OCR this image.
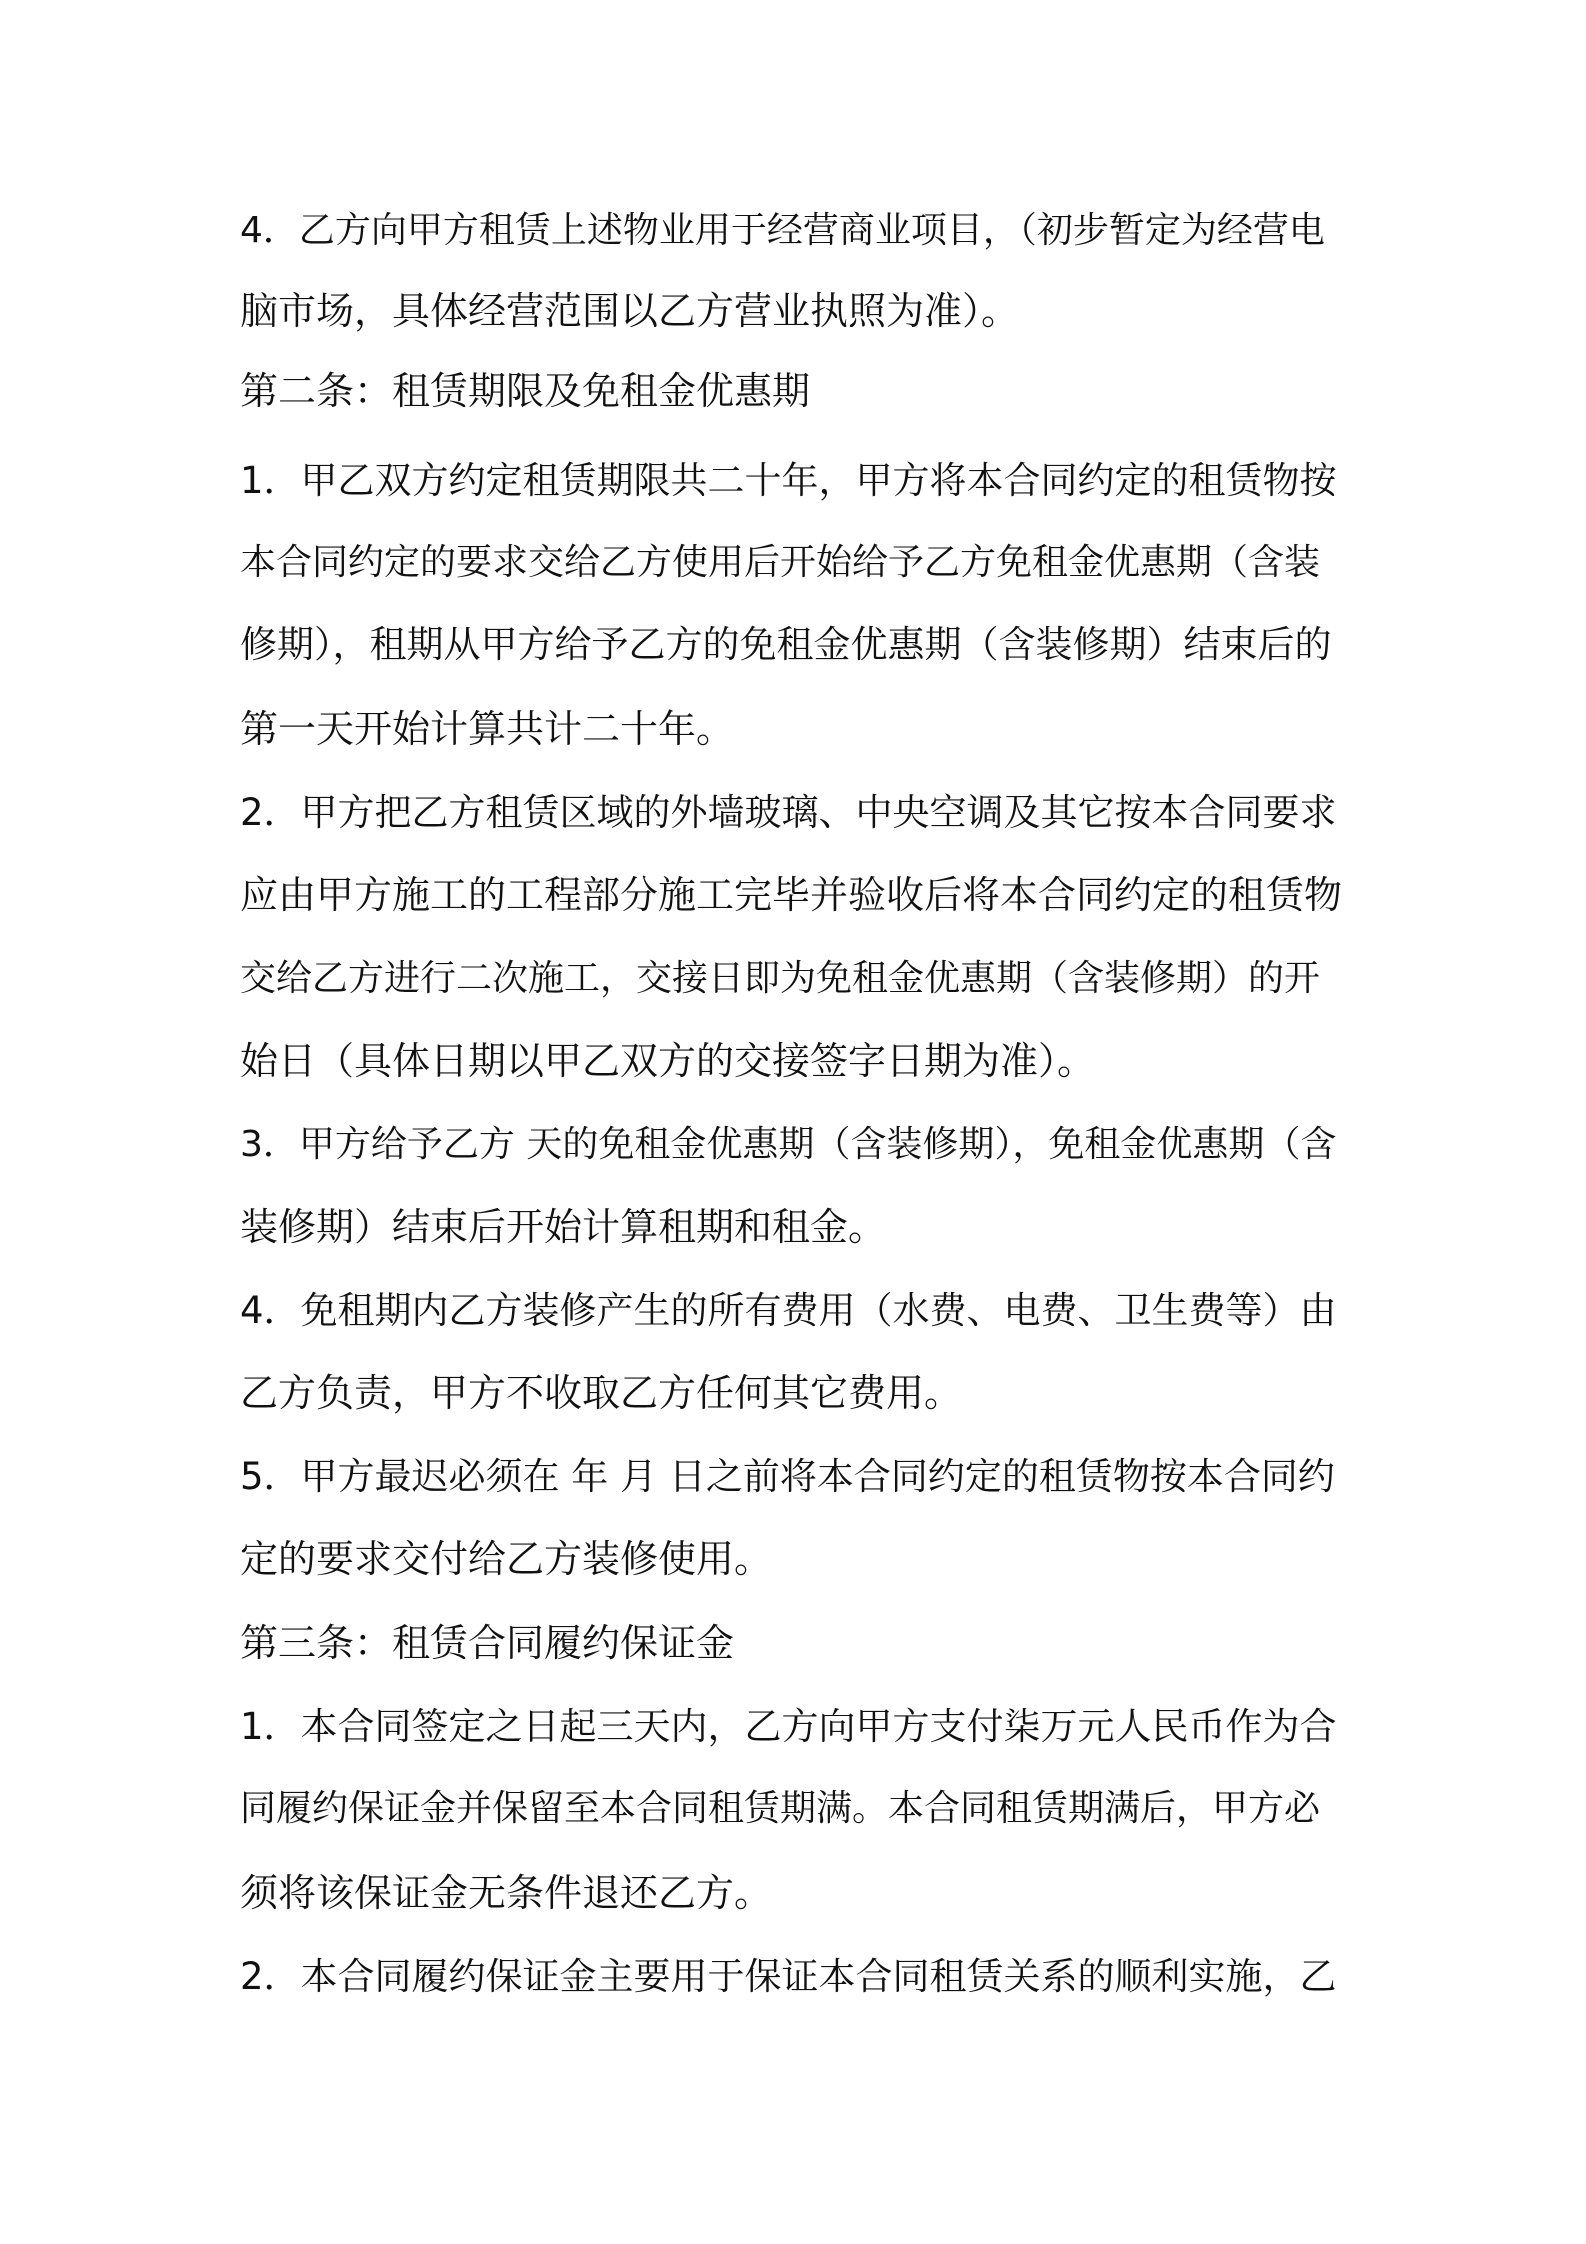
4．乙方向甲方租赁上述物业用于经营商业项目，（初步暂定为经营电
脑市场，具体经营范围以乙方营业执照为准）。
第二条：租赁期限及免租金优惠期
1．甲乙双方约定租赁期限共二十年，甲方将本合同约定的租赁物按
本合同约定的要求交给乙方使用后开始给予乙方免租金优惠期（含装
修期），租期从甲方给予乙方的免租金优惠期（含装修期）结束后的
第一天开始计算共计二十年。
2．甲方把乙方租赁区域的外墙玻璃、中央空调及其它按本合同要求
应由甲方施工的工程部分施工完毕并验收后将本合同约定的租赁物
交给乙方进行二次施工，交接日即为免租金优惠期（含装修期）的开
始日（具体日期以甲乙双方的交接签字日期为准）。
3．甲方给予乙方 天的免租金优惠期（含装修期），免租金优惠期（含
装修期）结束后开始计算租期和租金。
4．免租期内乙方装修产生的所有费用（水费、电费、卫生费等）由
乙方负责，甲方不收取乙方任何其它费用。
5．甲方最迟必须在 年 月 日之前将本合同约定的租赁物按本合同约
定的要求交付给乙方装修使用。
第三条：租赁合同履约保证金
1．本合同签定之日起三天内，乙方向甲方支付柒万元人民币作为合
同履约保证金并保留至本合同租赁期满。本合同租赁期满后，甲方必
须将该保证金无条件退还乙方。
2．本合同履约保证金主要用于保证本合同租赁关系的顺利实施，乙
